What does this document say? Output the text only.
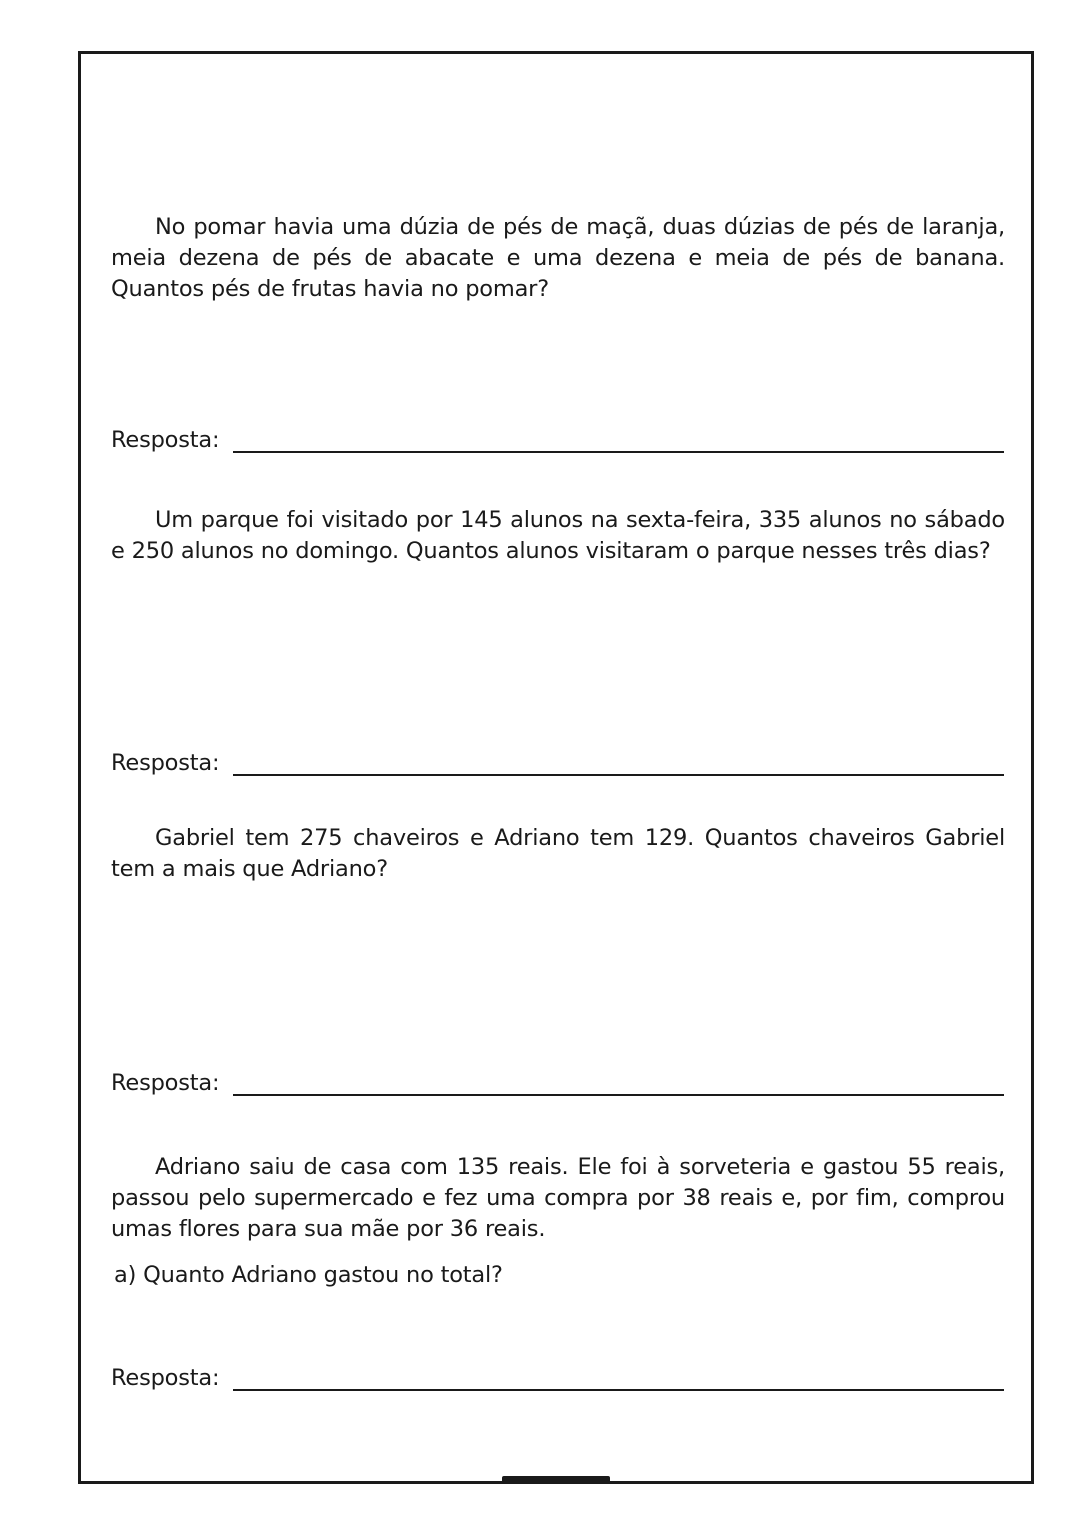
No pomar havia uma dúzia de pés de maçã, duas dúzias de pés de laranja, meia dezena de pés de abacate e uma dezena e meia de pés de banana. Quantos pés de frutas havia no pomar?

Resposta:

Um parque foi visitado por 145 alunos na sexta-feira, 335 alunos no sábado e 250 alunos no domingo. Quantos alunos visitaram o parque nesses três dias?

Resposta:

Gabriel tem 275 chaveiros e Adriano tem 129. Quantos chaveiros Gabriel tem a mais que Adriano?

Resposta:

Adriano saiu de casa com 135 reais. Ele foi à sorveteria e gastou 55 reais, passou pelo supermercado e fez uma compra por 38 reais e, por fim, comprou umas flores para sua mãe por 36 reais.

a) Quanto Adriano gastou no total?

Resposta:
